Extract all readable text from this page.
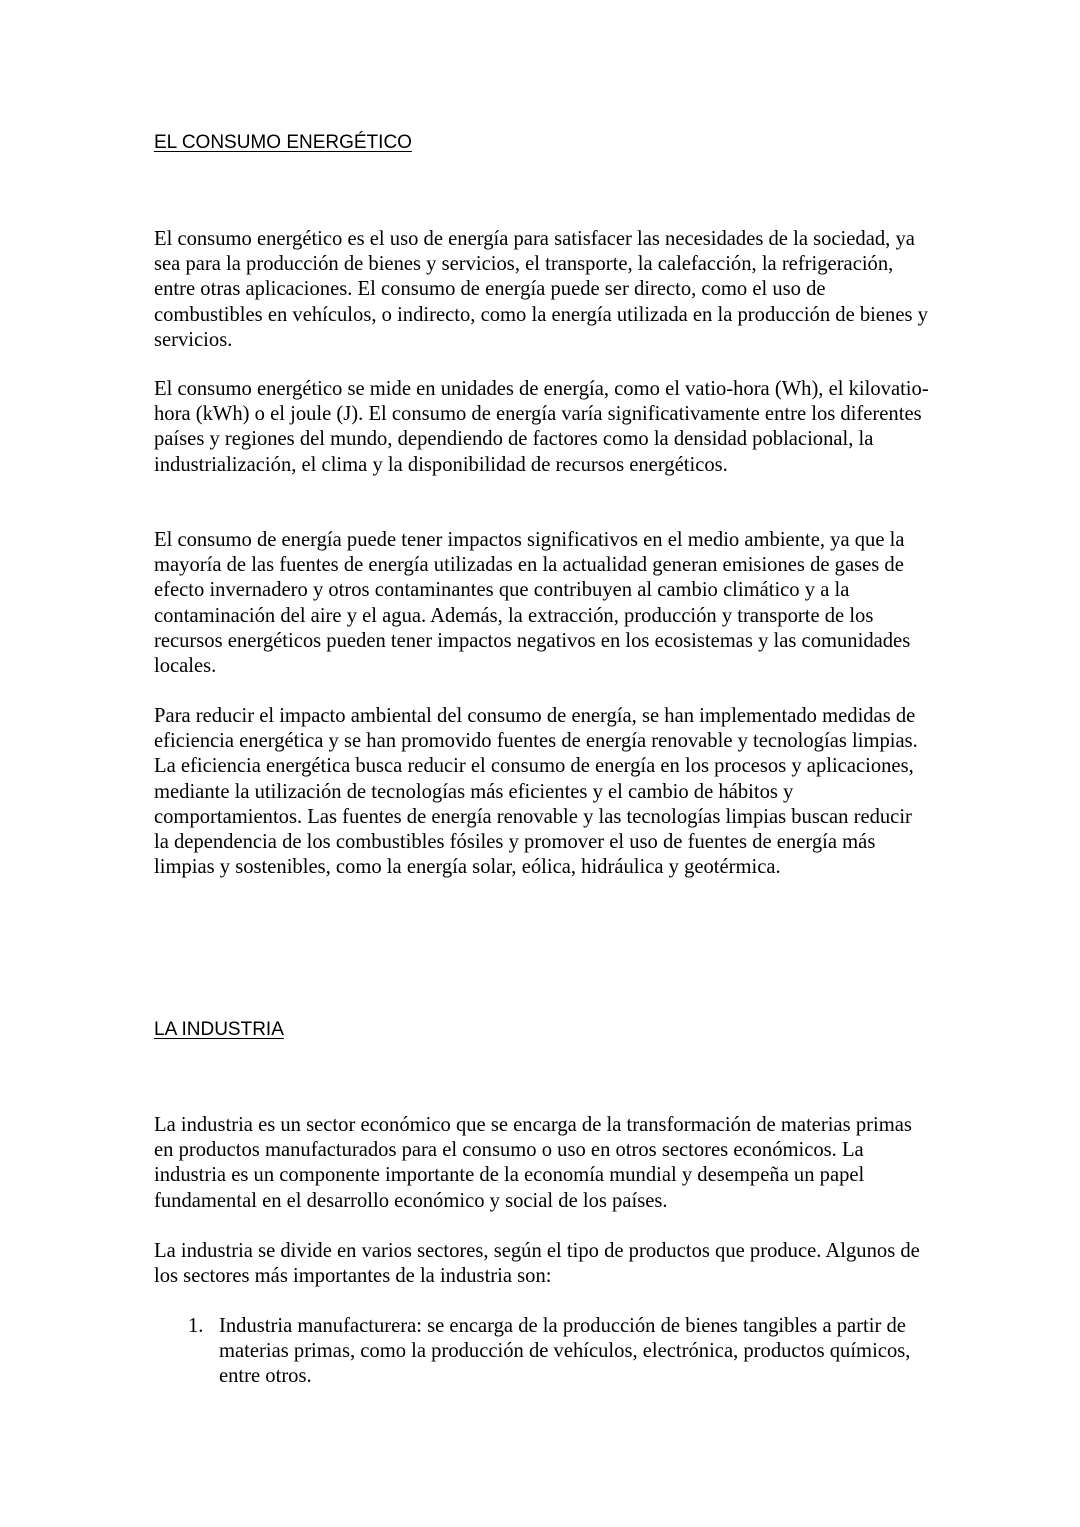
EL CONSUMO ENERGÉTICO

El consumo energético es el uso de energía para satisfacer las necesidades de la sociedad, ya sea para la producción de bienes y servicios, el transporte, la calefacción, la refrigeración, entre otras aplicaciones. El consumo de energía puede ser directo, como el uso de combustibles en vehículos, o indirecto, como la energía utilizada en la producción de bienes y servicios.

El consumo energético se mide en unidades de energía, como el vatio-hora (Wh), el kilovatio-hora (kWh) o el joule (J). El consumo de energía varía significativamente entre los diferentes países y regiones del mundo, dependiendo de factores como la densidad poblacional, la industrialización, el clima y la disponibilidad de recursos energéticos.

El consumo de energía puede tener impactos significativos en el medio ambiente, ya que la mayoría de las fuentes de energía utilizadas en la actualidad generan emisiones de gases de efecto invernadero y otros contaminantes que contribuyen al cambio climático y a la contaminación del aire y el agua. Además, la extracción, producción y transporte de los recursos energéticos pueden tener impactos negativos en los ecosistemas y las comunidades locales.

Para reducir el impacto ambiental del consumo de energía, se han implementado medidas de eficiencia energética y se han promovido fuentes de energía renovable y tecnologías limpias. La eficiencia energética busca reducir el consumo de energía en los procesos y aplicaciones, mediante la utilización de tecnologías más eficientes y el cambio de hábitos y comportamientos. Las fuentes de energía renovable y las tecnologías limpias buscan reducir la dependencia de los combustibles fósiles y promover el uso de fuentes de energía más limpias y sostenibles, como la energía solar, eólica, hidráulica y geotérmica.

LA INDUSTRIA

La industria es un sector económico que se encarga de la transformación de materias primas en productos manufacturados para el consumo o uso en otros sectores económicos. La industria es un componente importante de la economía mundial y desempeña un papel fundamental en el desarrollo económico y social de los países.

La industria se divide en varios sectores, según el tipo de productos que produce. Algunos de los sectores más importantes de la industria son:

1. Industria manufacturera: se encarga de la producción de bienes tangibles a partir de materias primas, como la producción de vehículos, electrónica, productos químicos, entre otros.
